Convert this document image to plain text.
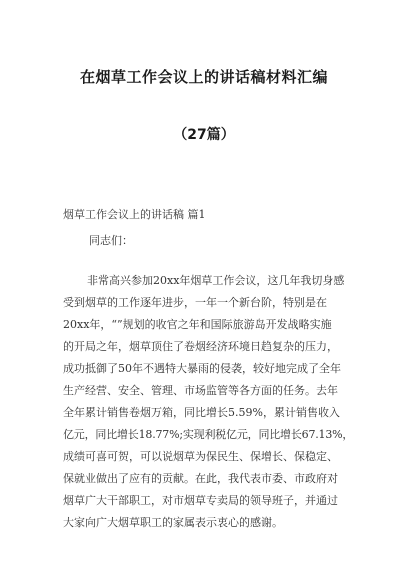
在烟草工作会议上的讲话稿材料汇编
（27篇）
烟草工作会议上的讲话稿 篇1
同志们：
非常高兴参加20xx年烟草工作会议，这几年我切身感
受到烟草的工作逐年进步，一年一个新台阶，特别是在
20xx年，“”规划的收官之年和国际旅游岛开发战略实施
的开局之年，烟草顶住了卷烟经济环境日趋复杂的压力，
成功抵御了50年不遇特大暴雨的侵袭，较好地完成了全年
生产经营、安全、管理、市场监管等各方面的任务。去年
全年累计销售卷烟万箱，同比增长5.59%，累计销售收入
亿元，同比增长18.77%;实现利税亿元，同比增长67.13%，
成绩可喜可贺，可以说烟草为保民生、保增长、保稳定、
保就业做出了应有的贡献。在此，我代表市委、市政府对
烟草广大干部职工，对市烟草专卖局的领导班子，并通过
大家向广大烟草职工的家属表示衷心的感谢。
